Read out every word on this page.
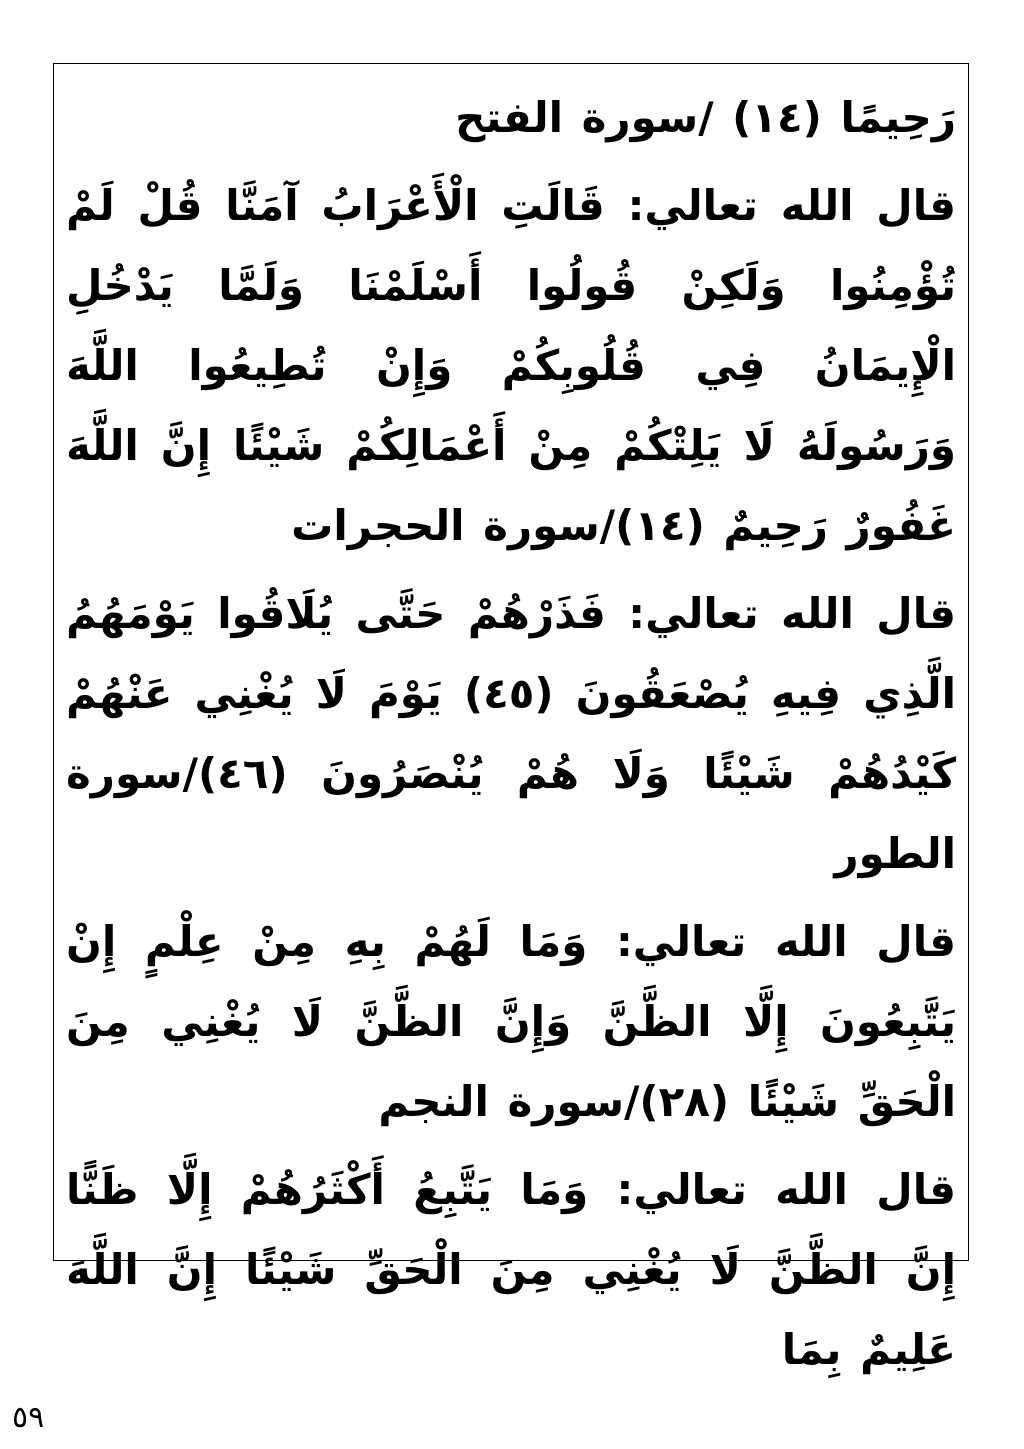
رَحِيمًا (١٤) /سورة الفتح

قال الله تعالي: قَالَتِ الْأَعْرَابُ آمَنَّا قُلْ لَمْ تُؤْمِنُوا وَلَكِنْ قُولُوا أَسْلَمْنَا وَلَمَّا يَدْخُلِ الْإِيمَانُ فِي قُلُوبِكُمْ وَإِنْ تُطِيعُوا اللَّهَ وَرَسُولَهُ لَا يَلِتْكُمْ مِنْ أَعْمَالِكُمْ شَيْئًا إِنَّ اللَّهَ غَفُورٌ رَحِيمٌ (١٤)/سورة الحجرات

قال الله تعالي: فَذَرْهُمْ حَتَّى يُلَاقُوا يَوْمَهُمُ الَّذِي فِيهِ يُصْعَقُونَ (٤٥) يَوْمَ لَا يُغْنِي عَنْهُمْ كَيْدُهُمْ شَيْئًا وَلَا هُمْ يُنْصَرُونَ (٤٦)/سورة الطور

قال الله تعالي: وَمَا لَهُمْ بِهِ مِنْ عِلْمٍ إِنْ يَتَّبِعُونَ إِلَّا الظَّنَّ وَإِنَّ الظَّنَّ لَا يُغْنِي مِنَ الْحَقِّ شَيْئًا (٢٨)/سورة النجم

قال الله تعالي: وَمَا يَتَّبِعُ أَكْثَرُهُمْ إِلَّا ظَنًّا إِنَّ الظَّنَّ لَا يُغْنِي مِنَ الْحَقِّ شَيْئًا إِنَّ اللَّهَ عَلِيمٌ بِمَا

٥٩
